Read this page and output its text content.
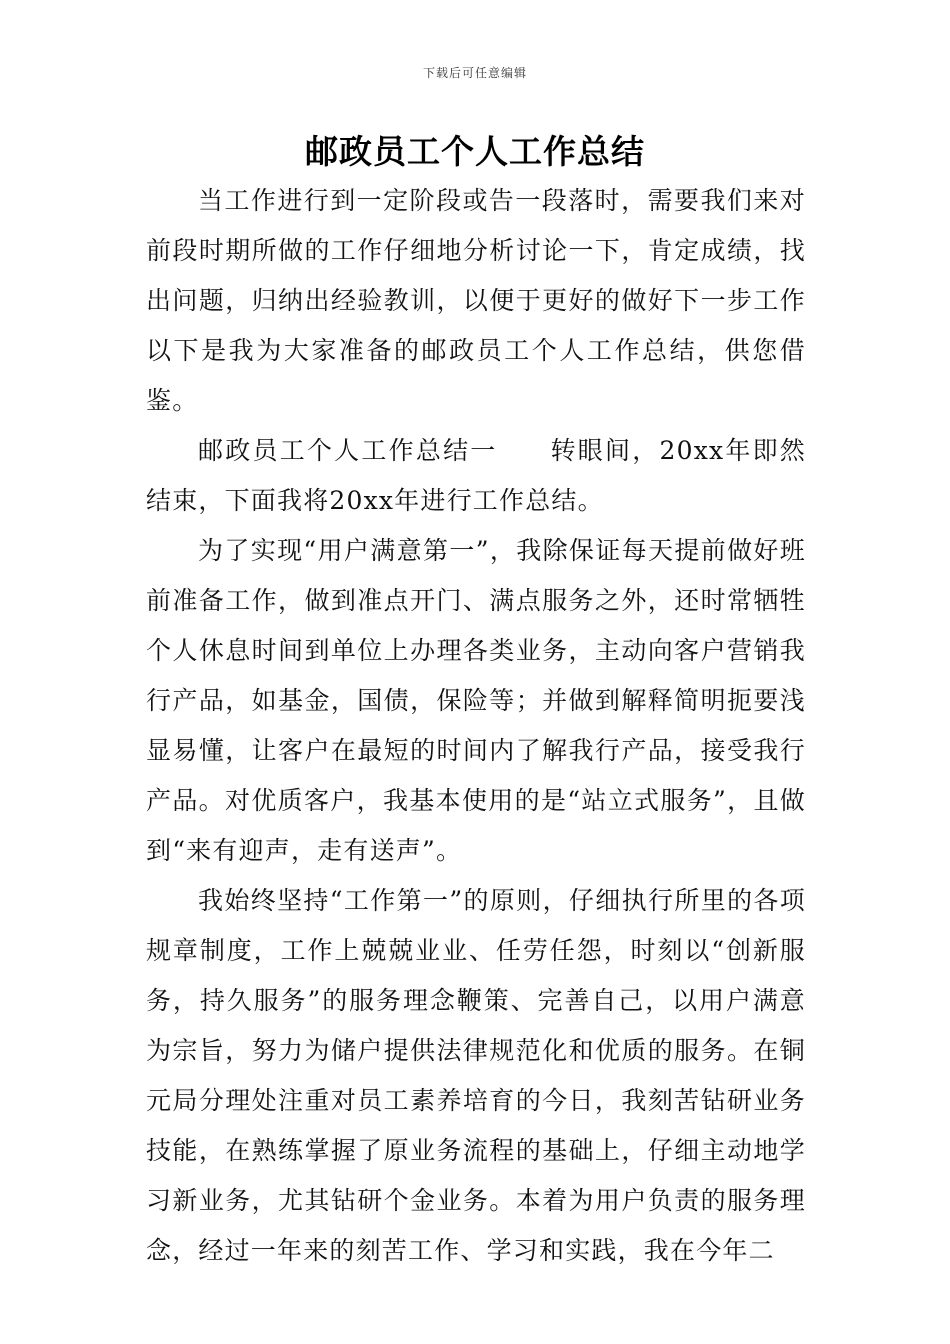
下载后可任意编辑
邮政员工个人工作总结

当工作进行到一定阶段或告一段落时，需要我们来对前段时期所做的工作仔细地分析讨论一下，肯定成绩，找出问题，归纳出经验教训，以便于更好的做好下一步工作以下是我为大家准备的邮政员工个人工作总结，供您借鉴。

邮政员工个人工作总结一 转眼间，20xx年即然结束，下面我将20xx年进行工作总结。

为了实现“用户满意第一”，我除保证每天提前做好班前准备工作，做到准点开门、满点服务之外，还时常牺牲个人休息时间到单位上办理各类业务，主动向客户营销我行产品，如基金，国债，保险等；并做到解释简明扼要浅显易懂，让客户在最短的时间内了解我行产品，接受我行产品。对优质客户，我基本使用的是“站立式服务”，且做到“来有迎声，走有送声”。

我始终坚持“工作第一”的原则，仔细执行所里的各项规章制度，工作上兢兢业业、任劳任怨，时刻以“创新服务，持久服务”的服务理念鞭策、完善自己，以用户满意为宗旨，努力为储户提供法律规范化和优质的服务。在铜元局分理处注重对员工素养培育的今日，我刻苦钻研业务技能，在熟练掌握了原业务流程的基础上，仔细主动地学习新业务，尤其钻研个金业务。本着为用户负责的服务理念，经过一年来的刻苦工作、学习和实践，我在今年二
